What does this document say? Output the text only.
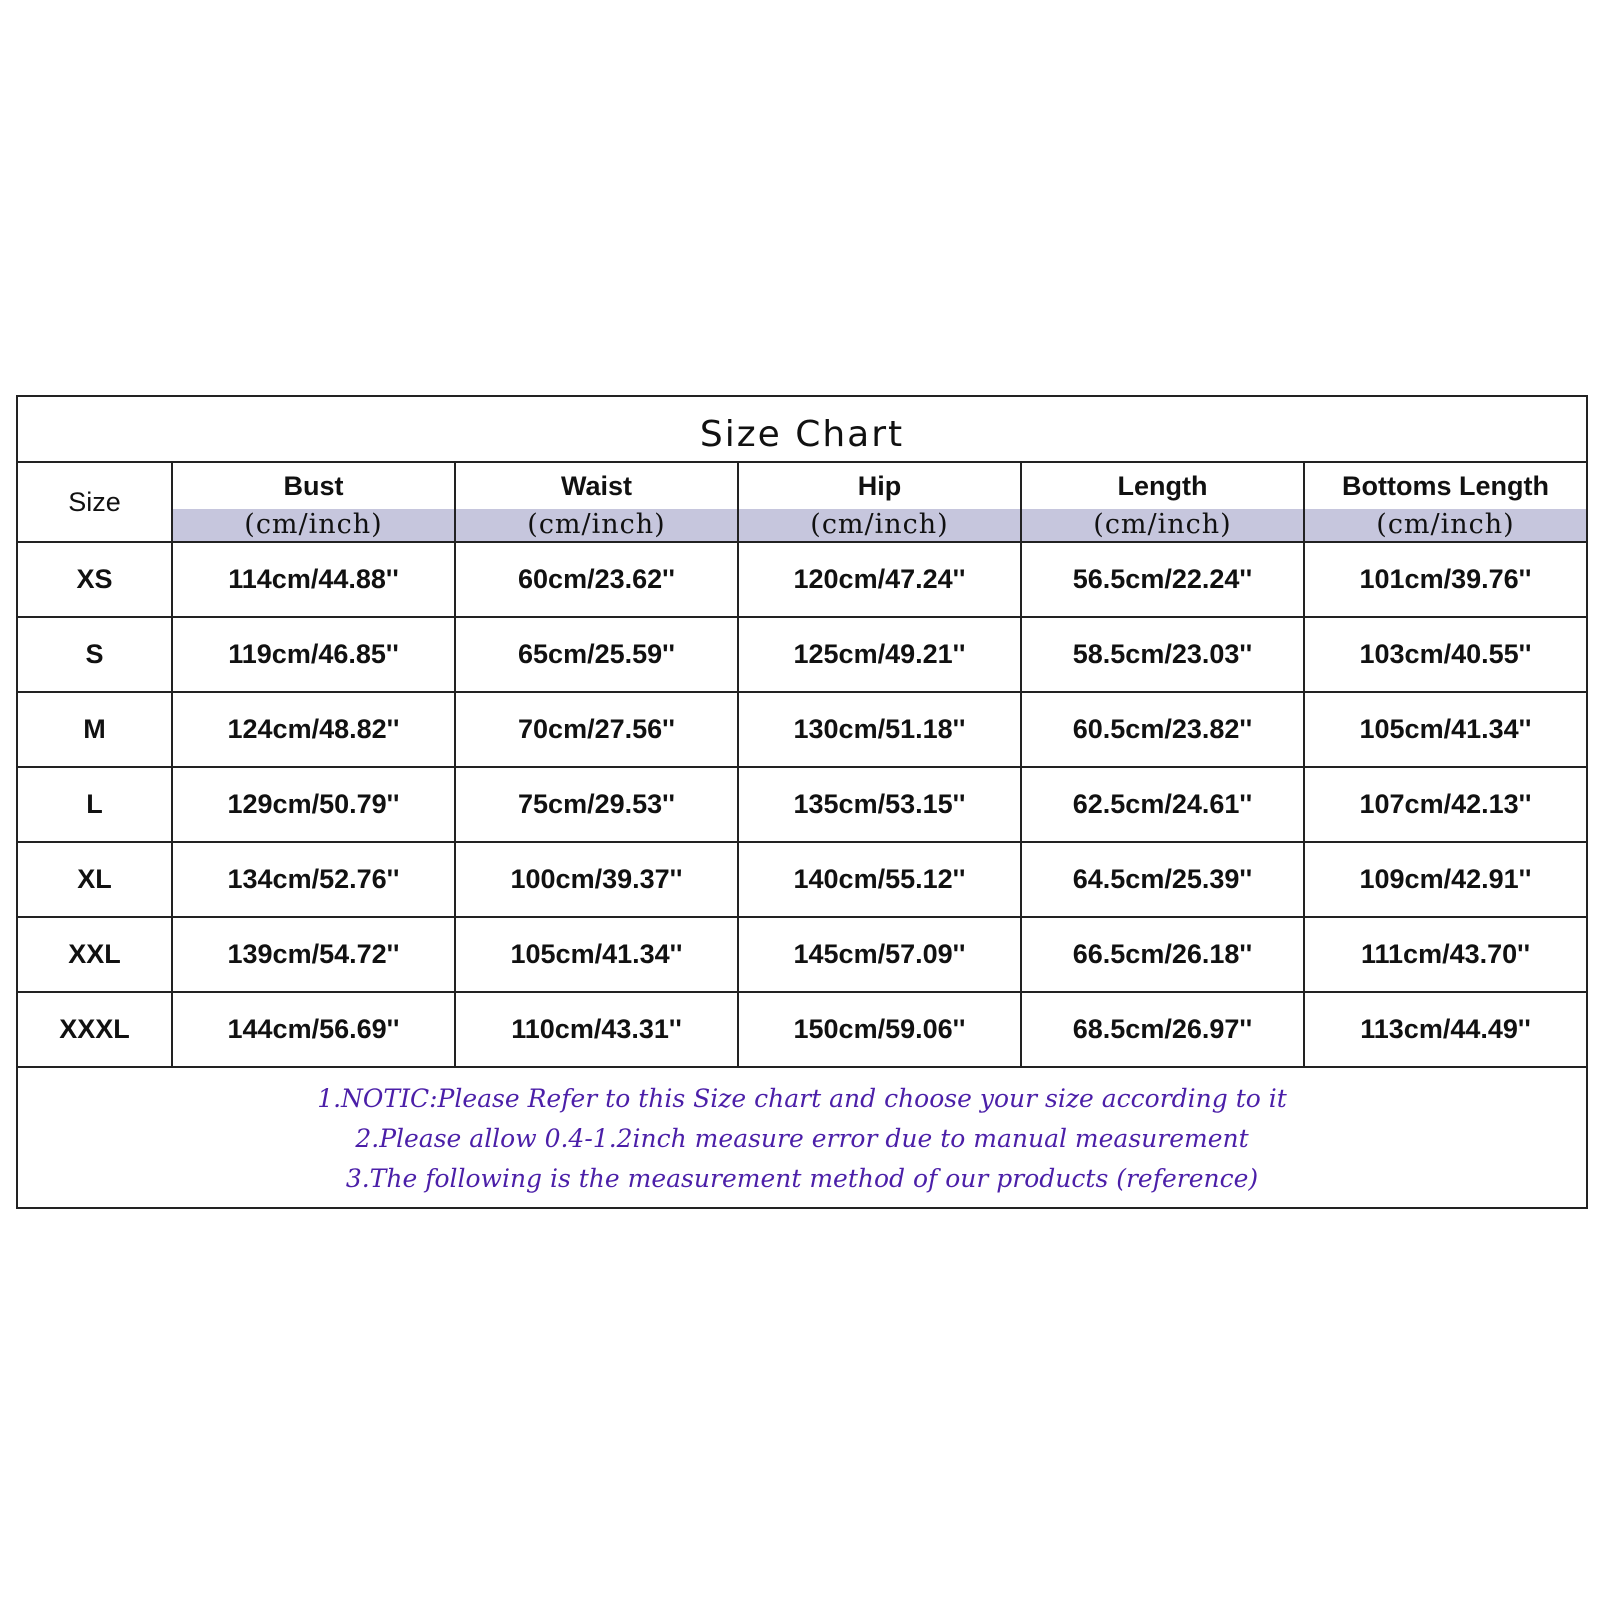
Size Chart
Size	Bust	Waist	Hip	Length	Bottoms Length
	(cm/inch)	(cm/inch)	(cm/inch)	(cm/inch)	(cm/inch)
XS	114cm/44.88''	60cm/23.62''	120cm/47.24''	56.5cm/22.24''	101cm/39.76''
S	119cm/46.85''	65cm/25.59''	125cm/49.21''	58.5cm/23.03''	103cm/40.55''
M	124cm/48.82''	70cm/27.56''	130cm/51.18''	60.5cm/23.82''	105cm/41.34''
L	129cm/50.79''	75cm/29.53''	135cm/53.15''	62.5cm/24.61''	107cm/42.13''
XL	134cm/52.76''	100cm/39.37''	140cm/55.12''	64.5cm/25.39''	109cm/42.91''
XXL	139cm/54.72''	105cm/41.34''	145cm/57.09''	66.5cm/26.18''	111cm/43.70''
XXXL	144cm/56.69''	110cm/43.31''	150cm/59.06''	68.5cm/26.97''	113cm/44.49''
1.NOTIC:Please Refer to this Size chart and choose your size according to it
2.Please allow 0.4-1.2inch measure error due to manual measurement
3.The following is the measurement method of our products (reference)
